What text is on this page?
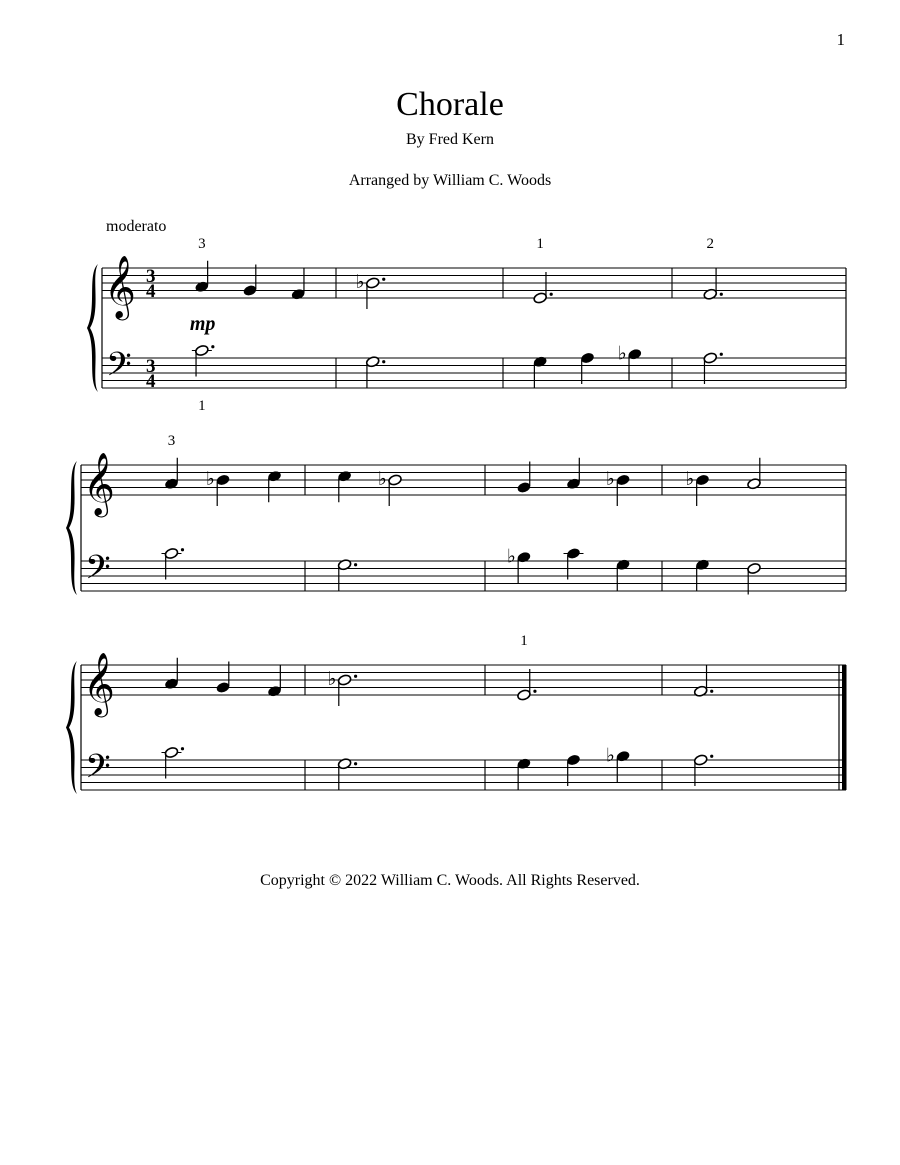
1
Chorale
By Fred Kern
Arranged by William C. Woods
moderato
𝄞
𝄢
3
4
3
4
3
♭
1	2
1
mp
♭
𝄞
𝄢
♭
3
♭	♭	♭
♭
𝄞
𝄢
♭
1
♭
Copyright © 2022 William C. Woods. All Rights Reserved.
